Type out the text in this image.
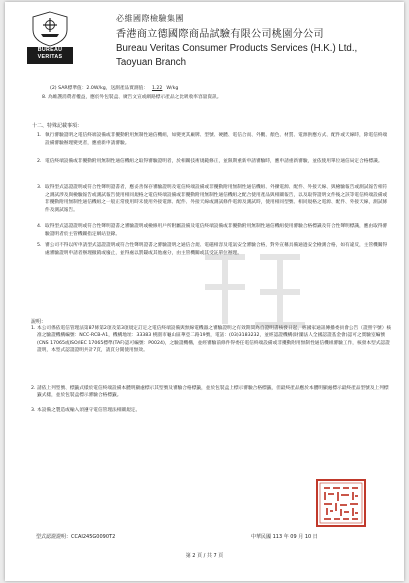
BUREAU
VERITAS
必維國際檢驗集團
香港商立德國際商品試驗有限公司桃園分公司
Bureau Veritas Consumer Products Services (H.K.) Ltd.,
Taoyuan Branch
(2) SAR標準值：2.0W/kg，送測產品實測值： 1.22 W/kg
8. 為維護消費者權益，應於外包裝盒、廣告文宣或網路標示產品之比吸收率容量資訊。
十二、特殊記載事項：
1. 執行審驗證明之電信終端設備或非擾動附用無制性通信機組，如變更其廠牌、型號、硬體、電信合而、外觀、顏色、材質、電源供應方式、配件或天線時，除電信終端設備審驗辦理變更者，應重新申請審驗。
2. 電信終端設備或非擾動附用無制性通信機組之取得審驗證明者，於相關技術規範修正，並限期重新申請審驗時，應申請重新審驗，並依使用單位通信局定合格標識。
3. 取得型式認證證明或符合性聲明證書者，應妥善保存審驗證明及電信終端設備或非擾動附用無制性通信機組、外擴電源、配件、外接天線、與檢驗報告或測試報告相符之測試涉及與檢驗報告或測試報告使用相同規格之電信終端設備或非擾動附用無制性通信機組之配合使用產品與相關報告，以及取得證明文件後之該等電信終端設備或非擾動附用無制性通信機組之一般正常使用時未使用外接電源、配件、外接天線或測試條件電源及測試時，使用相同型號、相同規格之電源、配件、外接天線，測試條件及測試報告。
4. 取得型式認證證明或符合性聲明證書之審驗證明或檢修用戶所附屬設備及電信終端設備或非擾動附用無制性通信機組使用審驗合格標識及符合性聲明標識，應由取得審驗證明者於主管機關指定網站登錄。
5. 審公司不得以所申請型式認證證明或符合性聲明證書之審驗證明之通信合規、電磁相容及電氣安全審驗合格，對外宣稱具備通過安全檢測合格，如有違反，主管機關得處審驗證明申請者辦理撤銷或廢止，並得處以罰鍰或其他處分，由主管機關或其受託單位辦理。
說明：
1. 本公司係依電信管理法第87條第2項及第3項規定訂定之電信終端設備與無線電機器之審驗證明之有效期間為自證明書核發日起，經國家通訊傳播委員會公告（證照字號）核准之驗證機構編號：NCC-RCB-A1，機構地址：33383 桃園市龜山區華亞二路19號，電話：(03)3183232，並經認證機構(財團法人全國認證基金會)認可之實驗室編號(CNS 17065或ISO/IEC 17065標準(TAF)認可編號：P0024)，之驗證機構，並經審驗前條件得委任電信終端設備或非擾動附用無制性通信機組審驗工作，核發本型式認證證明，本型式認證證明共計7頁，請頁分開使用無效。
2. 請依上列型號、標籤式樣於電信終端設備本體明顯處標示其型號及審驗合格標籤，並於包裝盒上標示審驗合格標籤，但最終產品應於本體明顯處標示最終產品型號及上列標籤式樣，並於包裝盒標示審驗合格標籤。
3. 本設備之製造或輸入須遵守電信管理法相關規定。
型式認證證明：CCAI245G0090T2	中華民國 113 年 09 月 10 日
第 2 頁 / 共 7 頁
